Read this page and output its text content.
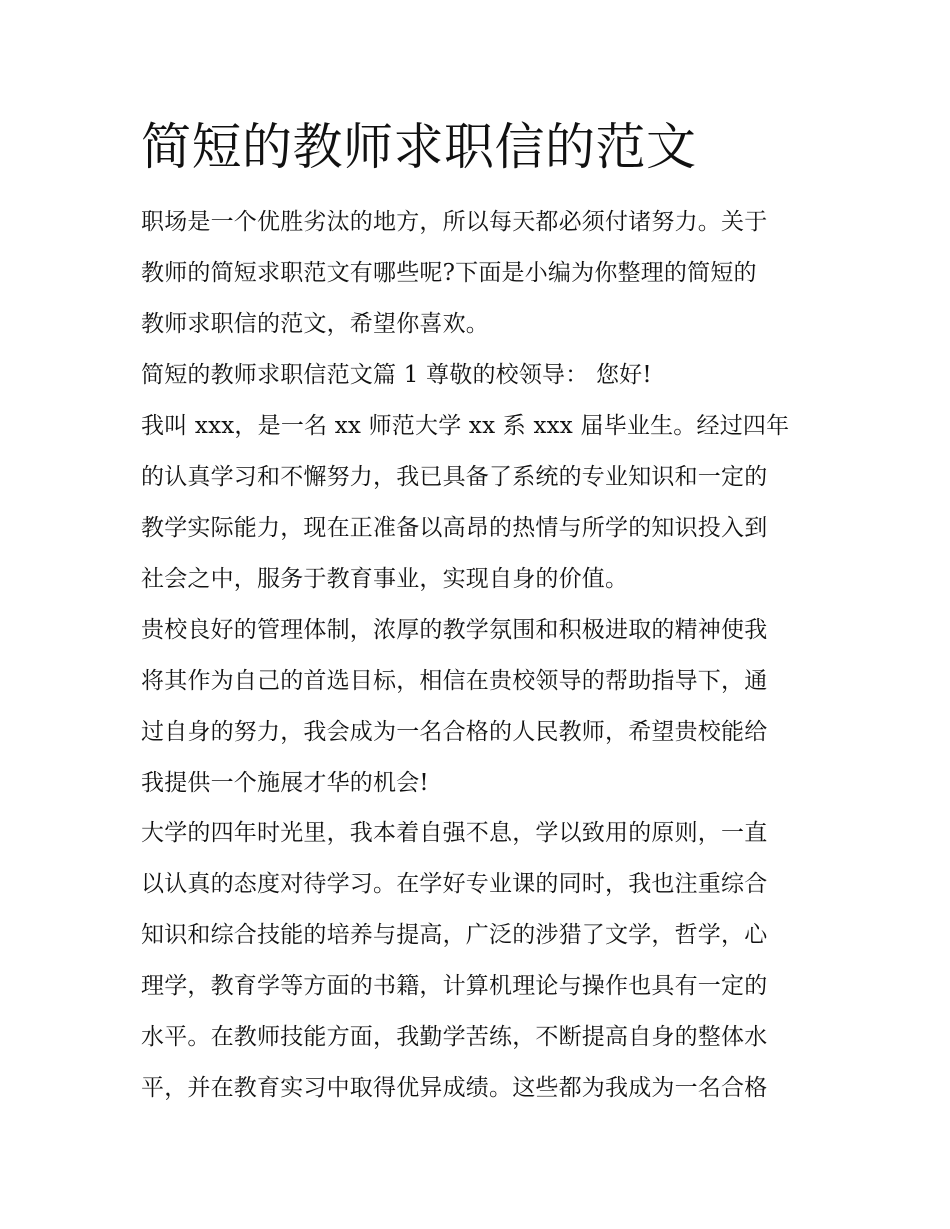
简短的教师求职信的范文
职场是一个优胜劣汰的地方，所以每天都必须付诸努力。关于
教师的简短求职范文有哪些呢?下面是小编为你整理的简短的
教师求职信的范文，希望你喜欢。
简短的教师求职信范文篇 1 尊敬的校领导： 您好!
我叫 xxx，是一名 xx 师范大学 xx 系 xxx 届毕业生。经过四年
的认真学习和不懈努力，我已具备了系统的专业知识和一定的
教学实际能力，现在正准备以高昂的热情与所学的知识投入到
社会之中，服务于教育事业，实现自身的价值。
贵校良好的管理体制，浓厚的教学氛围和积极进取的精神使我
将其作为自己的首选目标，相信在贵校领导的帮助指导下，通
过自身的努力，我会成为一名合格的人民教师，希望贵校能给
我提供一个施展才华的机会!
大学的四年时光里，我本着自强不息，学以致用的原则，一直
以认真的态度对待学习。在学好专业课的同时，我也注重综合
知识和综合技能的培养与提高，广泛的涉猎了文学，哲学，心
理学，教育学等方面的书籍，计算机理论与操作也具有一定的
水平。在教师技能方面，我勤学苦练，不断提高自身的整体水
平，并在教育实习中取得优异成绩。这些都为我成为一名合格
